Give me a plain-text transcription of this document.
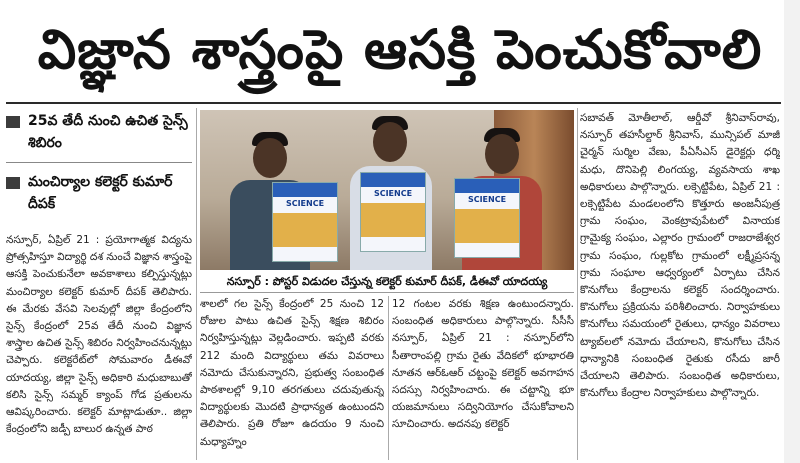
విజ్ఞాన శాస్త్రంపై ఆసక్తి పెంచుకోవాలి
25వ తేదీ నుంచి ఉచిత సైన్స్ శిబిరం
మంచిర్యాల కలెక్టర్ కుమార్ దీపక్
నస్పూర్, ఏప్రిల్ 21 : ప్రయోగాత్మక విద్యను ప్రోత్సహిస్తూ విద్యార్థి దశ నుంచే విజ్ఞాన శాస్త్రంపై ఆసక్తి పెంచుకునేలా అవకాశాలు కల్పిస్తున్నట్లు మంచిర్యాల కలెక్టర్ కుమార్ దీపక్ తెలిపారు. ఈ మేరకు వేసవి సెలవుల్లో జిల్లా కేంద్రంలోని సైన్స్ కేంద్రంలో 25వ తేదీ నుంచి విజ్ఞాన శాస్త్రాల ఉచిత సైన్స్ శిబిరం నిర్వహించనున్నట్లు చెప్పారు. కలెక్టరేట్‌లో సోమవారం డీఈవో యాదయ్య, జిల్లా సైన్స్ అధికారి మధుబాబుతో కలిసి సైన్స్ సమ్మర్ క్యాంప్ గోడ ప్రతులను ఆవిష్కరించారు. కలెక్టర్ మాట్లాడుతూ.. జిల్లా కేంద్రంలోని జడ్పీ బాలుర ఉన్నత పాఠ
SCIENCE
SCIENCE
SCIENCE
నస్పూర్ : పోస్టర్ విడుదల చేస్తున్న కలెక్టర్ కుమార్ దీపక్, డీఈవో యాదయ్య
శాలలో గల సైన్స్ కేంద్రంలో 25 నుంచి 12 రోజుల పాటు ఉచిత సైన్స్ శిక్షణ శిబిరం నిర్వహిస్తున్నట్లు వెల్లడించారు. ఇప్పటి వరకు 212 మంది విద్యార్థులు తమ వివరాలు నమోదు చేసుకున్నారని, ప్రభుత్వ సంబంధిత పాఠశాలల్లో 9,10 తరగతులు చదువుతున్న విద్యార్థులకు మొదటి ప్రాధాన్యత ఉంటుందని తెలిపారు. ప్రతి రోజూ ఉదయం 9 నుంచి మధ్యాహ్నం
12 గంటల వరకు శిక్షణ ఉంటుందన్నారు. సంబంధిత అధికారులు పాల్గొన్నారు. సీసీసీ నస్పూర్, ఏప్రిల్ 21 : నస్పూర్‌లోని సీతారాంపల్లి గ్రామ రైతు వేదికలో భూభారతి నూతన ఆర్ఓఆర్ చట్టంపై కలెక్టర్ అవగాహన సదస్సు నిర్వహించారు. ఈ చట్టాన్ని భూ యజమానులు సద్వినియోగం చేసుకోవాలని సూచించారు. అదనపు కలెక్టర్
సబావత్ మోతీలాల్, ఆర్డీవో శ్రీనివాస్‌రావు, నస్పూర్ తహసీల్దార్ శ్రీనివాస్, మున్సిపల్ మాజీ చైర్మన్ సుర్మిల వేణు, పీఏసీఎస్ డైరెక్టర్లు ధర్మి మధు, దొనిపెల్లి లింగయ్య, వ్యవసాయ శాఖ అధికారులు పాల్గొన్నారు. లక్సెట్టిపేట, ఏప్రిల్ 21 : లక్సెట్టిపేట మండలంలోని కొత్తూరు అంజనీపుత్ర గ్రామ సంఘం, వెంకట్రావుపేటలో వినాయక గ్రామైక్య సంఘం, ఎల్లారం గ్రామంలో రాజరాజేశ్వర గ్రామ సంఘం, గుల్లకోట గ్రామంలో లక్ష్మీప్రసన్న గ్రామ సంఘాల ఆధ్వర్యంలో ఏర్పాటు చేసిన కొనుగోలు కేంద్రాలను కలెక్టర్ సందర్శించారు. కొనుగోలు ప్రక్రియను పరిశీలించారు. నిర్వాహకులు కొనుగోలు సమయంలో రైతులు, ధాన్యం వివరాలు ట్యాబ్‌లలో నమోదు చేయాలని, కొనుగోలు చేసిన ధాన్యానికి సంబంధిత రైతుకు రసీదు జారీ చేయాలని తెలిపారు. సంబంధిత అధికారులు, కొనుగోలు కేంద్రాల నిర్వాహకులు పాల్గొన్నారు.
